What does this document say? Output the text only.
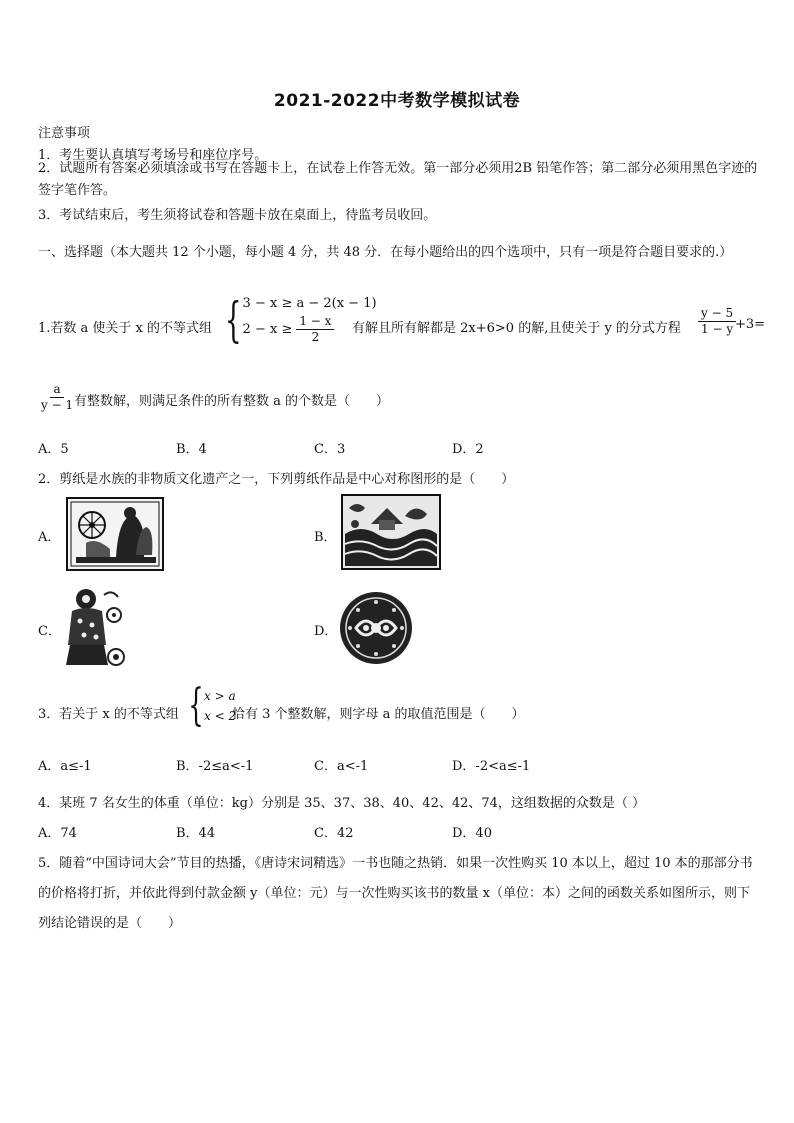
2021-2022中考数学模拟试卷
注意事项
1．考生要认真填写考场号和座位序号。
2．试题所有答案必须填涂或书写在答题卡上，在试卷上作答无效。第一部分必须用2B 铅笔作答；第二部分必须用黑色字迹的签字笔作答。
3．考试结束后，考生须将试卷和答题卡放在桌面上，待监考员收回。
一、选择题（本大题共 12 个小题，每小题 4 分，共 48 分．在每小题给出的四个选项中，只有一项是符合题目要求的.）
1.若数 a 使关于 x 的不等式组 { 3 − x ≥ a − 2(x − 1)
$2 - x \ge \frac{1 - x}{2}$ 有解且所有解都是 2x+6>0 的解,且使关于 y 的分式方程 $\frac{y - 5}{1 - y}$
+3=
$\frac{a}{y - 1}$
有整数解，则满足条件的所有整数 a 的个数是（　　）
A．5	B．4	C．3	D．2
2．剪纸是水族的非物质文化遗产之一，下列剪纸作品是中心对称图形的是（　　）
A．	B．
C．	D．
3．若关于 x 的不等式组 { x > a
x < 2
恰有 3 个整数解，则字母 a 的取值范围是（　　）
A．a≤-1	B．-2≤a<-1	C．a<-1	D．-2<a≤-1
4．某班 7 名女生的体重（单位：kg）分别是 35、37、38、40、42、42、74，这组数据的众数是（ ）
A．74	B．44	C．42	D．40
5．随着“中国诗词大会”节目的热播，《唐诗宋词精选》一书也随之热销．如果一次性购买 10 本以上，超过 10 本的那部分书的价格将打折，并依此得到付款金额 y（单位：元）与一次性购买该书的数量 x（单位：本）之间的函数关系如图所示，则下列结论错误的是（　　）
